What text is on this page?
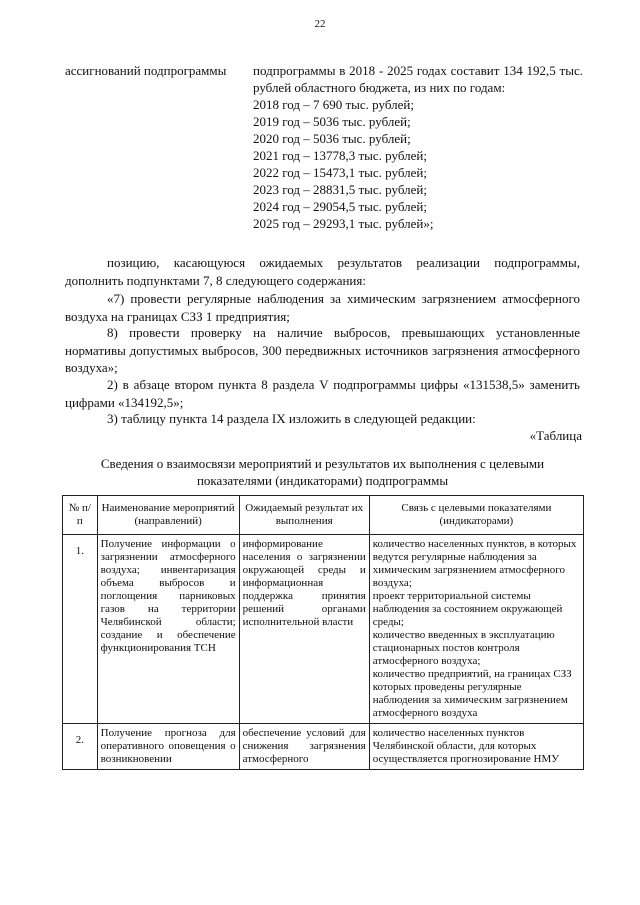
22
ассигнований подпрограммы	подпрограммы в 2018 - 2025 годах составит 134 192,5 тыс. рублей областного бюджета, из них по годам:

2018 год – 7 690 тыс. рублей;

2019 год – 5036 тыс. рублей;

2020 год – 5036 тыс. рублей;

2021 год – 13778,3 тыс. рублей;

2022 год – 15473,1 тыс. рублей;

2023 год – 28831,5 тыс. рублей;

2024 год – 29054,5 тыс. рублей;

2025 год – 29293,1 тыс. рублей»;

позицию, касающуюся ожидаемых результатов реализации подпрограммы, дополнить подпунктами 7, 8 следующего содержания:

«7) провести регулярные наблюдения за химическим загрязнением атмосферного воздуха на границах СЗЗ 1 предприятия;

8) провести проверку на наличие выбросов, превышающих установленные нормативы допустимых выбросов, 300 передвижных источников загрязнения атмосферного воздуха»;

2) в абзаце втором пункта 8 раздела V подпрограммы цифры «131538,5» заменить цифрами «134192,5»;

3) таблицу пункта 14 раздела IX изложить в следующей редакции:

«Таблица
Сведения о взаимосвязи мероприятий и результатов их выполнения с целевыми показателями (индикаторами) подпрограммы
№ п/п	Наименование мероприятий (направлений)	Ожидаемый результат их выполнения	Связь с целевыми показателями (индикаторами)
1.	Получение информации о загрязнении атмосферного воздуха; инвентаризация объема выбросов и поглощения парниковых газов на территории Челябинской области; создание и обеспечение функционирования ТСН	информирование населения о загрязнении окружающей среды и информационная поддержка принятия решений органами исполнительной власти	количество населенных пунктов, в которых ведутся регулярные наблюдения за химическим загрязнением атмосферного воздуха;
проект территориальной системы наблюдения за состоянием окружающей среды;
количество введенных в эксплуатацию стационарных постов контроля атмосферного воздуха;
количество предприятий, на границах СЗЗ которых проведены регулярные наблюдения за химическим загрязнением атмосферного воздуха

2.	Получение прогноза для оперативного оповещения о возникновении	обеспечение условий для снижения загрязнения атмосферного	количество населенных пунктов Челябинской области, для которых осуществляется прогнозирование НМУ
